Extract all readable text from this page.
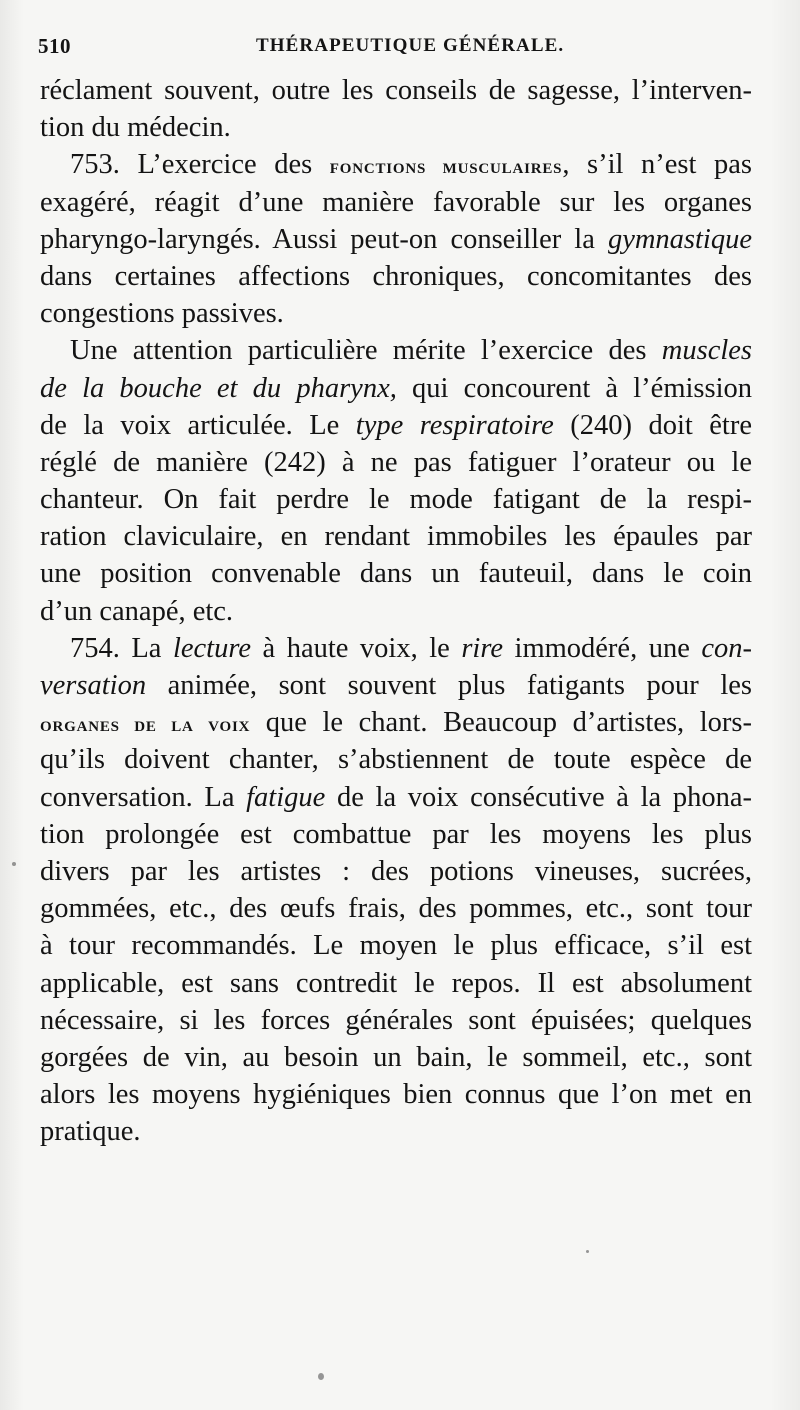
510	THÉRAPEUTIQUE GÉNÉRALE.
réclament souvent, outre les conseils de sagesse, l’interven-
tion du médecin.
753. L’exercice des fonctions musculaires, s’il n’est pas
exagéré, réagit d’une manière favorable sur les organes
pharyngo-laryngés. Aussi peut-on conseiller la gymnastique
dans certaines affections chroniques, concomitantes des
congestions passives.
Une attention particulière mérite l’exercice des muscles
de la bouche et du pharynx, qui concourent à l’émission
de la voix articulée. Le type respiratoire (240) doit être
réglé de manière (242) à ne pas fatiguer l’orateur ou le
chanteur. On fait perdre le mode fatigant de la respi-
ration claviculaire, en rendant immobiles les épaules par
une position convenable dans un fauteuil, dans le coin
d’un canapé, etc.
754. La lecture à haute voix, le rire immodéré, une con-
versation animée, sont souvent plus fatigants pour les
organes de la voix que le chant. Beaucoup d’artistes, lors-
qu’ils doivent chanter, s’abstiennent de toute espèce de
conversation. La fatigue de la voix consécutive à la phona-
tion prolongée est combattue par les moyens les plus
divers par les artistes : des potions vineuses, sucrées,
gommées, etc., des œufs frais, des pommes, etc., sont tour
à tour recommandés. Le moyen le plus efficace, s’il est
applicable, est sans contredit le repos. Il est absolument
nécessaire, si les forces générales sont épuisées; quelques
gorgées de vin, au besoin un bain, le sommeil, etc., sont
alors les moyens hygiéniques bien connus que l’on met en
pratique.
